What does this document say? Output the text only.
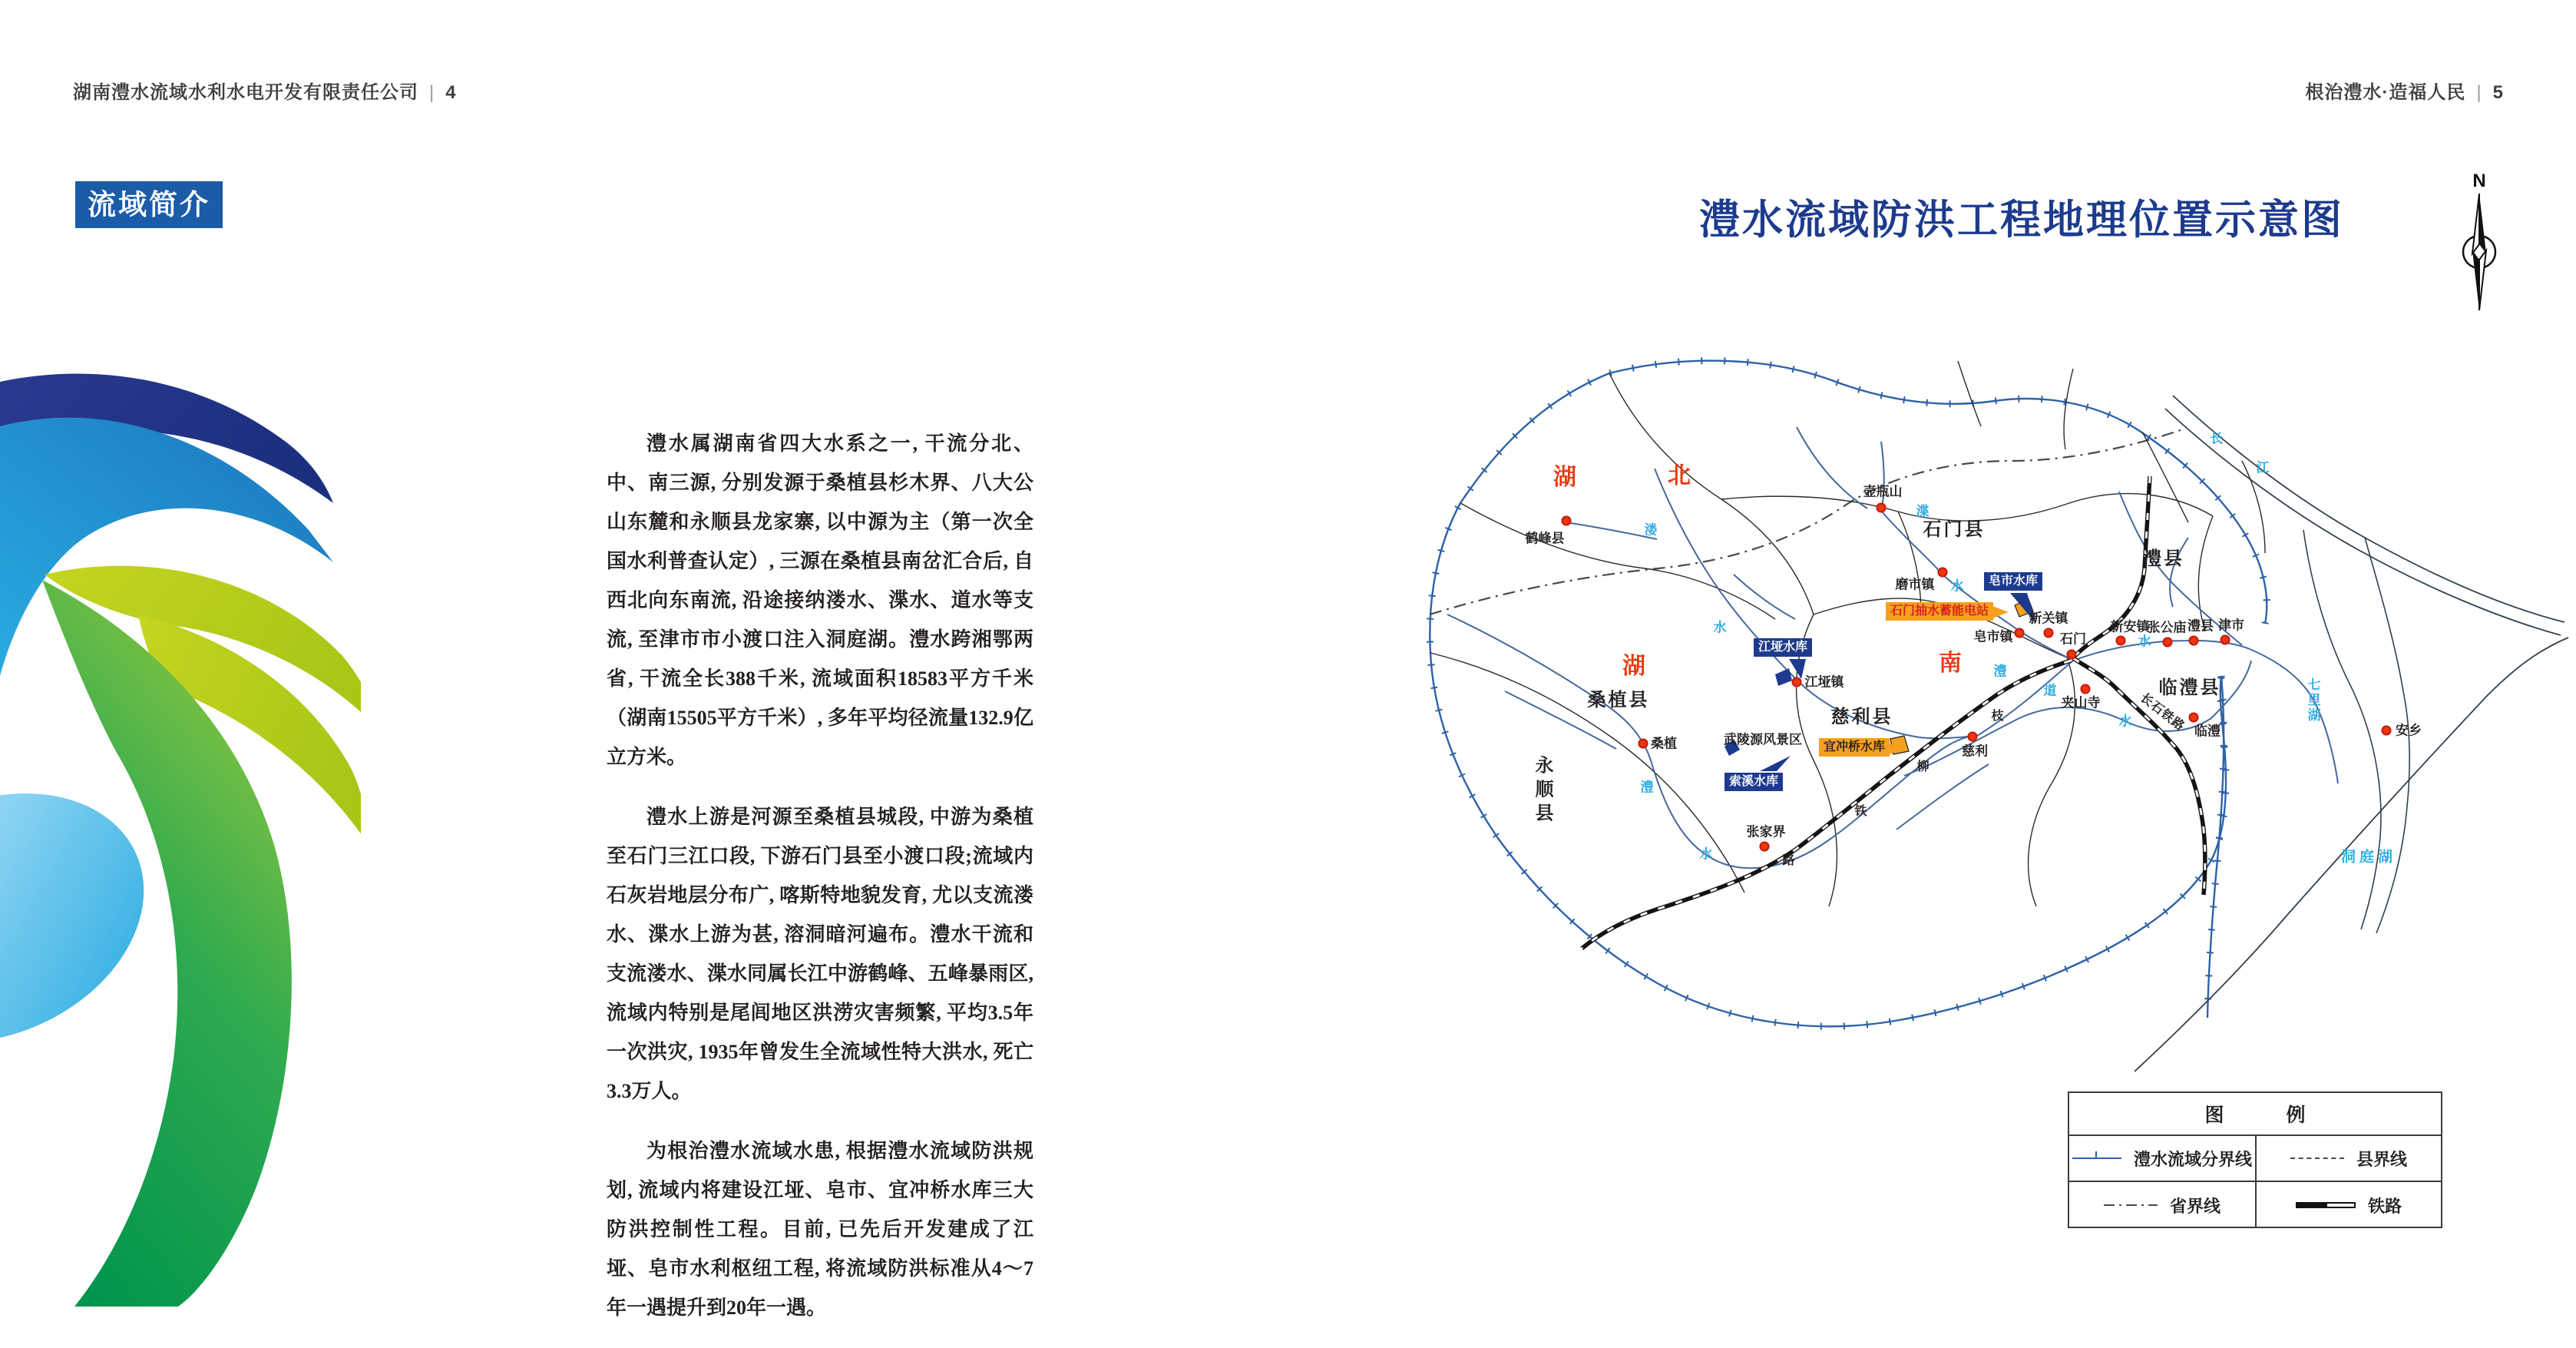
湖南澧水流域水利水电开发有限责任公司 | 4
流域简介

澧水属湖南省四大水系之一, 干流分北、中、南三源, 分别发源于桑植县杉木界、八大公山东麓和永顺县龙家寨, 以中源为主（第一次全国水利普查认定）, 三源在桑植县南岔汇合后, 自西北向东南流, 沿途接纳溇水、渫水、道水等支流, 至津市市小渡口注入洞庭湖。澧水跨湘鄂两省, 干流全长388千米, 流域面积18583平方千米（湖南15505平方千米）, 多年平均径流量132.9亿立方米。

澧水上游是河源至桑植县城段, 中游为桑植至石门三江口段, 下游石门县至小渡口段;流域内石灰岩地层分布广, 喀斯特地貌发育, 尤以支流溇水、渫水上游为甚, 溶洞暗河遍布。澧水干流和支流溇水、渫水同属长江中游鹤峰、五峰暴雨区, 流域内特别是尾闾地区洪涝灾害频繁, 平均3.5年一次洪灾, 1935年曾发生全流域性特大洪水, 死亡3.3万人。

为根治澧水流域水患, 根据澧水流域防洪规划, 流域内将建设江垭、皂市、宜冲桥水库三大防洪控制性工程。目前, 已先后开发建成了江垭、皂市水利枢纽工程, 将流域防洪标准从4～7年一遇提升到20年一遇。

根治澧水·造福人民 | 5
澧水流域防洪工程地理位置示意图
N
湖	北
湖	南
石门县
澧县
临澧县
慈利县
桑植县
永顺县
溇
水
渫
水
澧
水
澧
水
道
水
长
江
七里湖
洞庭湖
武陵源风景区
长石铁路
枝
柳
铁
路
鹤峰县
壶瓶山
磨市镇
皂市镇
新关镇
石门
新安镇
张公庙 澧县 津市
夹山寺
临澧	安乡
慈利
江垭镇
桑植
张家界
皂市水库
江垭水库
索溪水库
宜冲桥水库
石门抽水蓄能电站
图　例
澧水流域分界线	县界线
省界线	铁路
